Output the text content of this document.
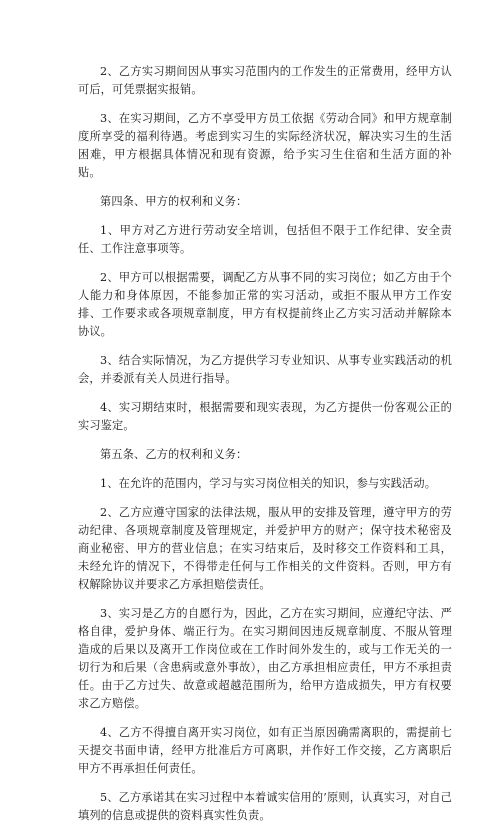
2、乙方实习期间因从事实习范围内的工作发生的正常费用，经甲方认可后，可凭票据实报销。

3、在实习期间，乙方不享受甲方员工依据《劳动合同》和甲方规章制度所享受的福利待遇。考虑到实习生的实际经济状况，解决实习生的生活困难，甲方根据具体情况和现有资源，给予实习生住宿和生活方面的补贴。

第四条、甲方的权利和义务：

1、甲方对乙方进行劳动安全培训，包括但不限于工作纪律、安全责任、工作注意事项等。

2、甲方可以根据需要，调配乙方从事不同的实习岗位；如乙方由于个人能力和身体原因，不能参加正常的实习活动，或拒不服从甲方工作安排、工作要求或各项规章制度，甲方有权提前终止乙方实习活动并解除本协议。

3、结合实际情况，为乙方提供学习专业知识、从事专业实践活动的机会，并委派有关人员进行指导。

4、实习期结束时，根据需要和现实表现，为乙方提供一份客观公正的实习鉴定。

第五条、乙方的权利和义务：

1、在允许的范围内，学习与实习岗位相关的知识，参与实践活动。

2、乙方应遵守国家的法律法规，服从甲的安排及管理，遵守甲方的劳动纪律、各项规章制度及管理规定，并爱护甲方的财产；保守技术秘密及商业秘密、甲方的营业信息；在实习结束后，及时移交工作资料和工具，未经允许的情况下，不得带走任何与工作相关的文件资料。否则，甲方有权解除协议并要求乙方承担赔偿责任。

3、实习是乙方的自愿行为，因此，乙方在实习期间，应遵纪守法、严格自律，爱护身体、端正行为。在实习期间因违反规章制度、不服从管理造成的后果以及离开工作岗位或在工作时间外发生的，或与工作无关的一切行为和后果（含患病或意外事故），由乙方承担相应责任，甲方不承担责任。由于乙方过失、故意或超越范围所为，给甲方造成损失，甲方有权要求乙方赔偿。

4、乙方不得擅自离开实习岗位，如有正当原因确需离职的，需提前七天提交书面申请，经甲方批准后方可离职，并作好工作交接，乙方离职后甲方不再承担任何责任。

5、乙方承诺其在实习过程中本着诚实信用的’原则，认真实习，对自己填列的信息或提供的资料真实性负责。
